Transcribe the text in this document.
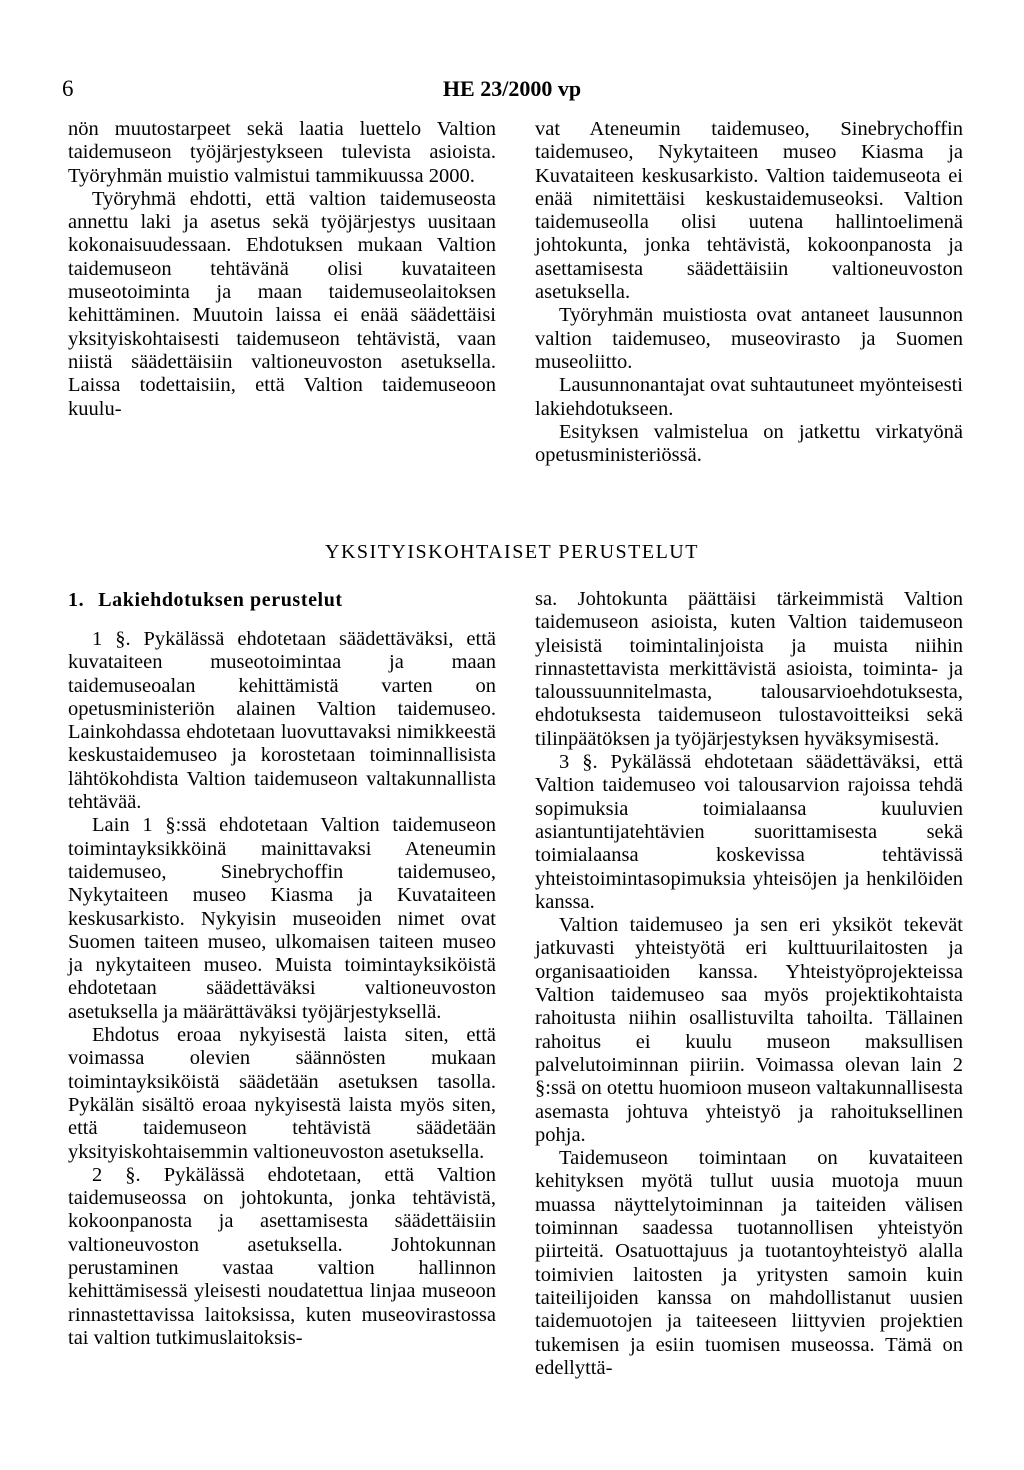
6	HE 23/2000 vp

nön muutostarpeet sekä laatia luettelo Valtion taidemuseon työjärjestykseen tulevista asioista. Työryhmän muistio valmistui tammikuussa 2000.

Työryhmä ehdotti, että valtion taidemuseosta annettu laki ja asetus sekä työjärjestys uusitaan kokonaisuudessaan. Ehdotuksen mukaan Valtion taidemuseon tehtävänä olisi kuvataiteen museotoiminta ja maan taidemuseolaitoksen kehittäminen. Muutoin laissa ei enää säädettäisi yksityiskohtaisesti taidemuseon tehtävistä, vaan niistä säädettäisiin valtioneuvoston asetuksella. Laissa todettaisiin, että Valtion taidemuseoon kuulu-

vat Ateneumin taidemuseo, Sinebrychoffin taidemuseo, Nykytaiteen museo Kiasma ja Kuvataiteen keskusarkisto. Valtion taidemuseota ei enää nimitettäisi keskustaidemuseoksi. Valtion taidemuseolla olisi uutena hallintoelimenä johtokunta, jonka tehtävistä, kokoonpanosta ja asettamisesta säädettäisiin valtioneuvoston asetuksella.

Työryhmän muistiosta ovat antaneet lausunnon valtion taidemuseo, museovirasto ja Suomen museoliitto.

Lausunnonantajat ovat suhtautuneet myönteisesti lakiehdotukseen.

Esityksen valmistelua on jatkettu virkatyönä opetusministeriössä.

YKSITYISKOHTAISET PERUSTELUT
1. Lakiehdotuksen perustelut

1 §. Pykälässä ehdotetaan säädettäväksi, että kuvataiteen museotoimintaa ja maan taidemuseoalan kehittämistä varten on opetusministeriön alainen Valtion taidemuseo. Lainkohdassa ehdotetaan luovuttavaksi nimikkeestä keskustaidemuseo ja korostetaan toiminnallisista lähtökohdista Valtion taidemuseon valtakunnallista tehtävää.

Lain 1 §:ssä ehdotetaan Valtion taidemuseon toimintayksikköinä mainittavaksi Ateneumin taidemuseo, Sinebrychoffin taidemuseo, Nykytaiteen museo Kiasma ja Kuvataiteen keskusarkisto. Nykyisin museoiden nimet ovat Suomen taiteen museo, ulkomaisen taiteen museo ja nykytaiteen museo. Muista toimintayksiköistä ehdotetaan säädettäväksi valtioneuvoston asetuksella ja määrättäväksi työjärjestyksellä.

Ehdotus eroaa nykyisestä laista siten, että voimassa olevien säännösten mukaan toimintayksiköistä säädetään asetuksen tasolla. Pykälän sisältö eroaa nykyisestä laista myös siten, että taidemuseon tehtävistä säädetään yksityiskohtaisemmin valtioneuvoston asetuksella.

2 §. Pykälässä ehdotetaan, että Valtion taidemuseossa on johtokunta, jonka tehtävistä, kokoonpanosta ja asettamisesta säädettäisiin valtioneuvoston asetuksella. Johtokunnan perustaminen vastaa valtion hallinnon kehittämisessä yleisesti noudatettua linjaa museoon rinnastettavissa laitoksissa, kuten museovirastossa tai valtion tutkimuslaitoksis-

sa. Johtokunta päättäisi tärkeimmistä Valtion taidemuseon asioista, kuten Valtion taidemuseon yleisistä toimintalinjoista ja muista niihin rinnastettavista merkittävistä asioista, toiminta- ja taloussuunnitelmasta, talousarvioehdotuksesta, ehdotuksesta taidemuseon tulostavoitteiksi sekä tilinpäätöksen ja työjärjestyksen hyväksymisestä.

3 §. Pykälässä ehdotetaan säädettäväksi, että Valtion taidemuseo voi talousarvion rajoissa tehdä sopimuksia toimialaansa kuuluvien asiantuntijatehtävien suorittamisesta sekä toimialaansa koskevissa tehtävissä yhteistoimintasopimuksia yhteisöjen ja henkilöiden kanssa.

Valtion taidemuseo ja sen eri yksiköt tekevät jatkuvasti yhteistyötä eri kulttuurilaitosten ja organisaatioiden kanssa. Yhteistyöprojekteissa Valtion taidemuseo saa myös projektikohtaista rahoitusta niihin osallistuvilta tahoilta. Tällainen rahoitus ei kuulu museon maksullisen palvelutoiminnan piiriin. Voimassa olevan lain 2 §:ssä on otettu huomioon museon valtakunnallisesta asemasta johtuva yhteistyö ja rahoituksellinen pohja.

Taidemuseon toimintaan on kuvataiteen kehityksen myötä tullut uusia muotoja muun muassa näyttelytoiminnan ja taiteiden välisen toiminnan saadessa tuotannollisen yhteistyön piirteitä. Osatuottajuus ja tuotantoyhteistyö alalla toimivien laitosten ja yritysten samoin kuin taiteilijoiden kanssa on mahdollistanut uusien taidemuotojen ja taiteeseen liittyvien projektien tukemisen ja esiin tuomisen museossa. Tämä on edellyttä-
